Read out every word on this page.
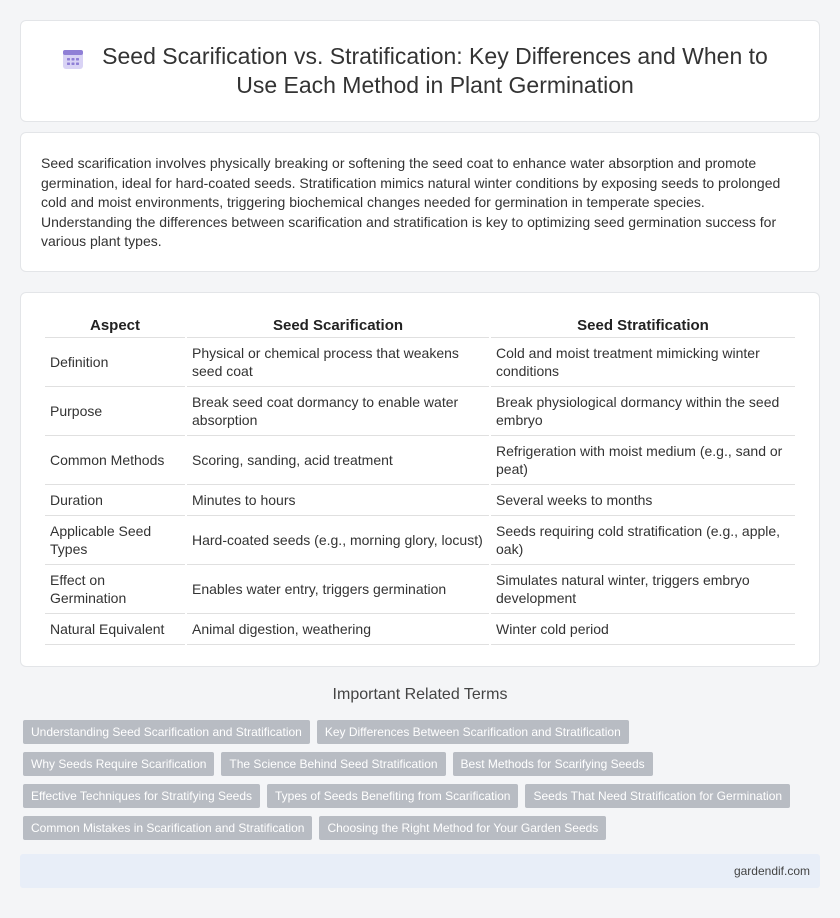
Seed Scarification vs. Stratification: Key Differences and When to Use Each Method in Plant Germination

Seed scarification involves physically breaking or softening the seed coat to enhance water absorption and promote germination, ideal for hard-coated seeds. Stratification mimics natural winter conditions by exposing seeds to prolonged cold and moist environments, triggering biochemical changes needed for germination in temperate species. Understanding the differences between scarification and stratification is key to optimizing seed germination success for various plant types.

Aspect	Seed Scarification	Seed Stratification
Definition	Physical or chemical process that weakens seed coat	Cold and moist treatment mimicking winter conditions
Purpose	Break seed coat dormancy to enable water absorption	Break physiological dormancy within the seed embryo
Common Methods	Scoring, sanding, acid treatment	Refrigeration with moist medium (e.g., sand or peat)
Duration	Minutes to hours	Several weeks to months
Applicable Seed Types	Hard-coated seeds (e.g., morning glory, locust)	Seeds requiring cold stratification (e.g., apple, oak)
Effect on Germination	Enables water entry, triggers germination	Simulates natural winter, triggers embryo development
Natural Equivalent	Animal digestion, weathering	Winter cold period
Important Related Terms
Understanding Seed Scarification and Stratification	Key Differences Between Scarification and Stratification
Why Seeds Require Scarification	The Science Behind Seed Stratification	Best Methods for Scarifying Seeds
Effective Techniques for Stratifying Seeds	Types of Seeds Benefiting from Scarification	Seeds That Need Stratification for Germination
Common Mistakes in Scarification and Stratification	Choosing the Right Method for Your Garden Seeds
gardendif.com
